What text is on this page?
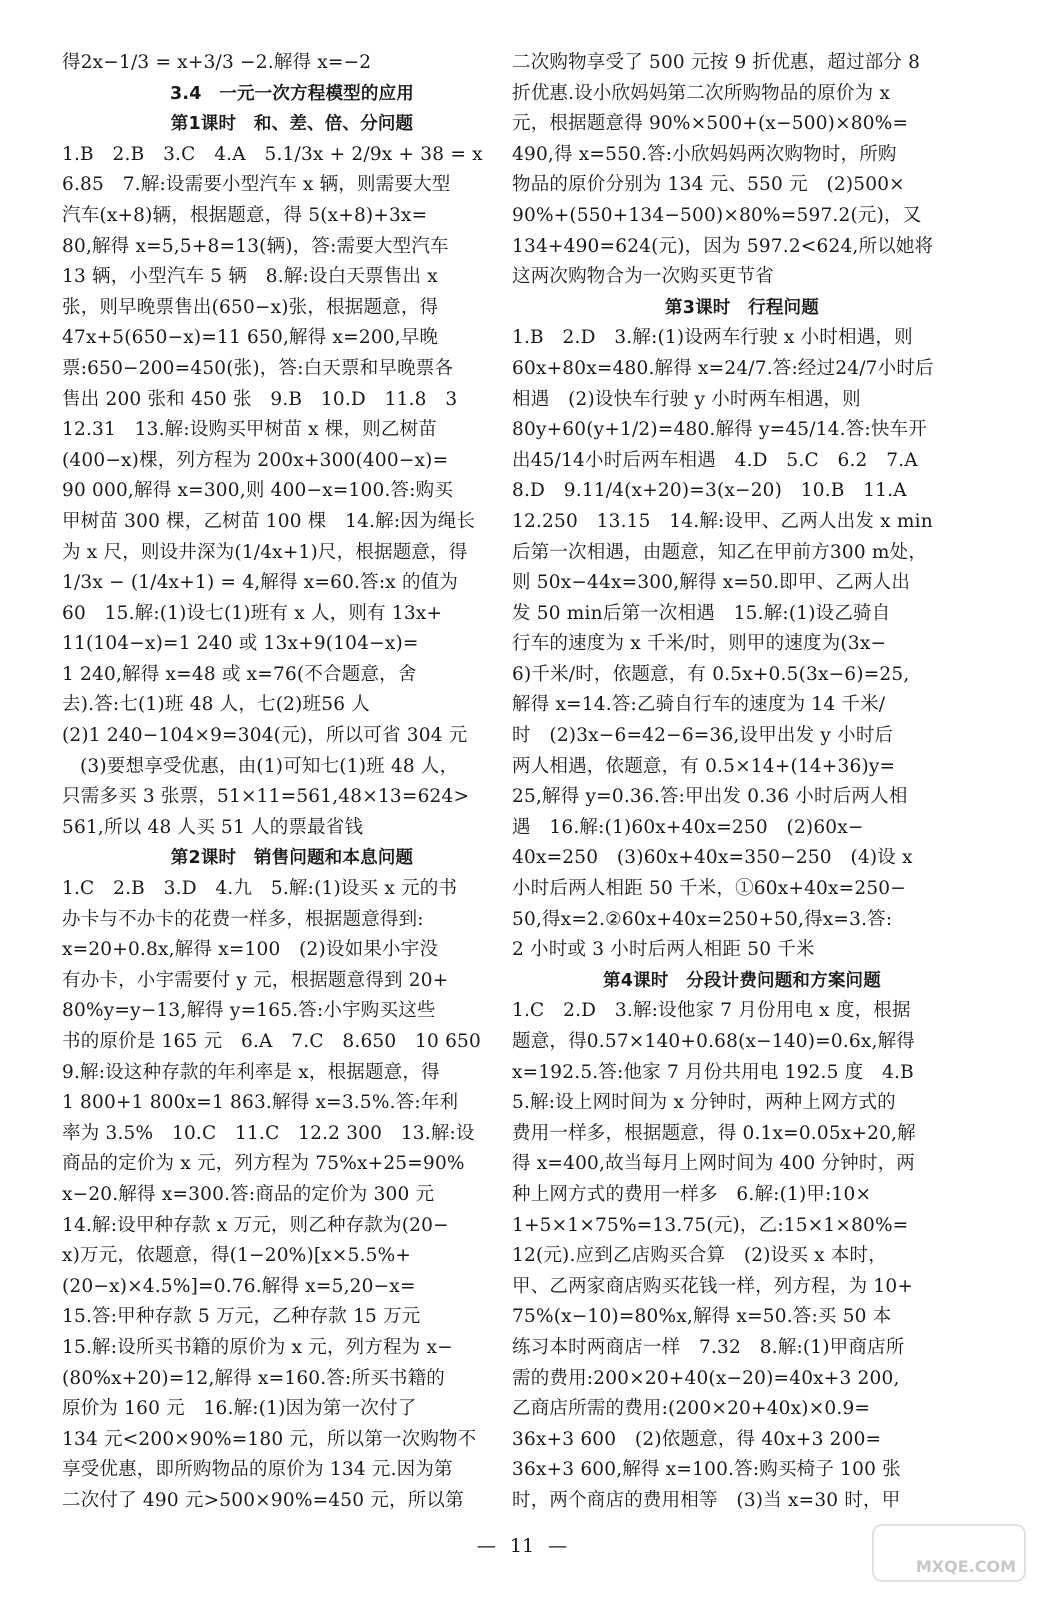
得2x−1/3 = x+3/3 −2.解得 x=−2
3.4　一元一次方程模型的应用
第1课时　和、差、倍、分问题
1.B　2.B　3.C　4.A　5.1/3x + 2/9x + 38 = x
6.85　7.解:设需要小型汽车 x 辆，则需要大型
汽车(x+8)辆，根据题意，得 5(x+8)+3x=
80,解得 x=5,5+8=13(辆)，答:需要大型汽车
13 辆，小型汽车 5 辆　8.解:设白天票售出 x
张，则早晚票售出(650−x)张，根据题意，得
47x+5(650−x)=11 650,解得 x=200,早晚
票:650−200=450(张)，答:白天票和早晚票各
售出 200 张和 450 张　9.B　10.D　11.8　3
12.31　13.解:设购买甲树苗 x 棵，则乙树苗
(400−x)棵，列方程为 200x+300(400−x)=
90 000,解得 x=300,则 400−x=100.答:购买
甲树苗 300 棵，乙树苗 100 棵　14.解:因为绳长
为 x 尺，则设井深为(1/4x+1)尺，根据题意，得
1/3x − (1/4x+1) = 4,解得 x=60.答:x 的值为
60　15.解:(1)设七(1)班有 x 人，则有 13x+
11(104−x)=1 240 或 13x+9(104−x)=
1 240,解得 x=48 或 x=76(不合题意，舍
去).答:七(1)班 48 人，七(2)班56 人
(2)1 240−104×9=304(元)，所以可省 304 元
(3)要想享受优惠，由(1)可知七(1)班 48 人，
只需多买 3 张票，51×11=561,48×13=624>
561,所以 48 人买 51 人的票最省钱
第2课时　销售问题和本息问题
1.C　2.B　3.D　4.九　5.解:(1)设买 x 元的书
办卡与不办卡的花费一样多，根据题意得到:
x=20+0.8x,解得 x=100　(2)设如果小宇没
有办卡，小宇需要付 y 元，根据题意得到 20+
80%y=y−13,解得 y=165.答:小宇购买这些
书的原价是 165 元　6.A　7.C　8.650　10 650
9.解:设这种存款的年利率是 x，根据题意，得
1 800+1 800x=1 863.解得 x=3.5%.答:年利
率为 3.5%　10.C　11.C　12.2 300　13.解:设
商品的定价为 x 元，列方程为 75%x+25=90%
x−20.解得 x=300.答:商品的定价为 300 元
14.解:设甲种存款 x 万元，则乙种存款为(20−
x)万元，依题意，得(1−20%)[x×5.5%+
(20−x)×4.5%]=0.76.解得 x=5,20−x=
15.答:甲种存款 5 万元，乙种存款 15 万元
15.解:设所买书籍的原价为 x 元，列方程为 x−
(80%x+20)=12,解得 x=160.答:所买书籍的
原价为 160 元　16.解:(1)因为第一次付了
134 元<200×90%=180 元，所以第一次购物不
享受优惠，即所购物品的原价为 134 元.因为第
二次付了 490 元>500×90%=450 元，所以第
二次购物享受了 500 元按 9 折优惠，超过部分 8
折优惠.设小欣妈妈第二次所购物品的原价为 x
元，根据题意得 90%×500+(x−500)×80%=
490,得 x=550.答:小欣妈妈两次购物时，所购
物品的原价分别为 134 元、550 元　(2)500×
90%+(550+134−500)×80%=597.2(元)，又
134+490=624(元)，因为 597.2<624,所以她将
这两次购物合为一次购买更节省
第3课时　行程问题
1.B　2.D　3.解:(1)设两车行驶 x 小时相遇，则
60x+80x=480.解得 x=24/7.答:经过24/7小时后
相遇　(2)设快车行驶 y 小时两车相遇，则
80y+60(y+1/2)=480.解得 y=45/14.答:快车开
出45/14小时后两车相遇　4.D　5.C　6.2　7.A
8.D　9.11/4(x+20)=3(x−20)　10.B　11.A
12.250　13.15　14.解:设甲、乙两人出发 x min
后第一次相遇，由题意，知乙在甲前方300 m处，
则 50x−44x=300,解得 x=50.即甲、乙两人出
发 50 min后第一次相遇　15.解:(1)设乙骑自
行车的速度为 x 千米/时，则甲的速度为(3x−
6)千米/时，依题意，有 0.5x+0.5(3x−6)=25,
解得 x=14.答:乙骑自行车的速度为 14 千米/
时　(2)3x−6=42−6=36,设甲出发 y 小时后
两人相遇，依题意，有 0.5×14+(14+36)y=
25,解得 y=0.36.答:甲出发 0.36 小时后两人相
遇　16.解:(1)60x+40x=250　(2)60x−
40x=250　(3)60x+40x=350−250　(4)设 x
小时后两人相距 50 千米，①60x+40x=250−
50,得x=2.②60x+40x=250+50,得x=3.答:
2 小时或 3 小时后两人相距 50 千米
第4课时　分段计费问题和方案问题
1.C　2.D　3.解:设他家 7 月份用电 x 度，根据
题意，得0.57×140+0.68(x−140)=0.6x,解得
x=192.5.答:他家 7 月份共用电 192.5 度　4.B
5.解:设上网时间为 x 分钟时，两种上网方式的
费用一样多，根据题意，得 0.1x=0.05x+20,解
得 x=400,故当每月上网时间为 400 分钟时，两
种上网方式的费用一样多　6.解:(1)甲:10×
1+5×1×75%=13.75(元)，乙:15×1×80%=
12(元).应到乙店购买合算　(2)设买 x 本时，
甲、乙两家商店购买花钱一样，列方程，为 10+
75%(x−10)=80%x,解得 x=50.答:买 50 本
练习本时两商店一样　7.32　8.解:(1)甲商店所
需的费用:200×20+40(x−20)=40x+3 200,
乙商店所需的费用:(200×20+40x)×0.9=
36x+3 600　(2)依题意，得 40x+3 200=
36x+3 600,解得 x=100.答:购买椅子 100 张
时，两个商店的费用相等　(3)当 x=30 时，甲
— 11 —
MXQE.COM
